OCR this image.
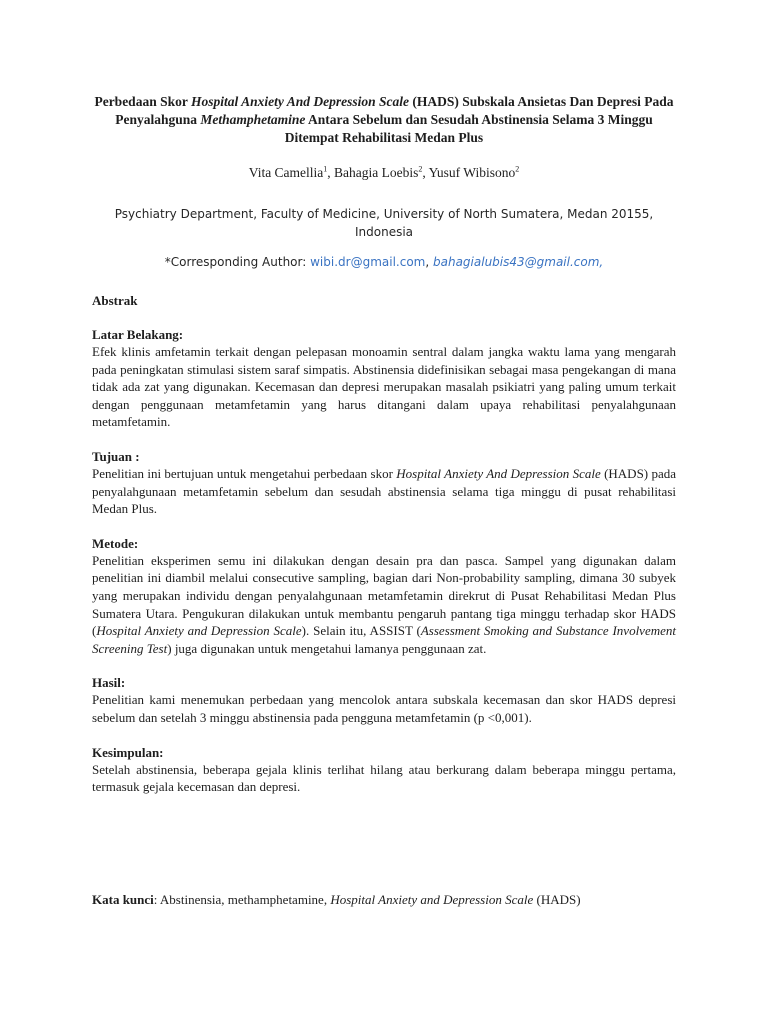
Perbedaan Skor Hospital Anxiety And Depression Scale (HADS) Subskala Ansietas Dan Depresi Pada Penyalahguna Methamphetamine Antara Sebelum dan Sesudah Abstinensia Selama 3 Minggu Ditempat Rehabilitasi Medan Plus
Vita Camellia$^1$, Bahagia Loebis$^2$, Yusuf Wibisono$^2$
Psychiatry Department, Faculty of Medicine, University of North Sumatera, Medan 20155, Indonesia
*Corresponding Author: wibi.dr@gmail.com, bahagialubis43@gmail.com,
Abstrak
Latar Belakang:
Efek klinis amfetamin terkait dengan pelepasan monoamin sentral dalam jangka waktu lama yang mengarah pada peningkatan stimulasi sistem saraf simpatis. Abstinensia didefinisikan sebagai masa pengekangan di mana tidak ada zat yang digunakan. Kecemasan dan depresi merupakan masalah psikiatri yang paling umum terkait dengan penggunaan metamfetamin yang harus ditangani dalam upaya rehabilitasi penyalahgunaan metamfetamin.
Tujuan :
Penelitian ini bertujuan untuk mengetahui perbedaan skor Hospital Anxiety And Depression Scale (HADS) pada penyalahgunaan metamfetamin sebelum dan sesudah abstinensia selama tiga minggu di pusat rehabilitasi Medan Plus.
Metode:
Penelitian eksperimen semu ini dilakukan dengan desain pra dan pasca. Sampel yang digunakan dalam penelitian ini diambil melalui consecutive sampling, bagian dari Non-probability sampling, dimana 30 subyek yang merupakan individu dengan penyalahgunaan metamfetamin direkrut di Pusat Rehabilitasi Medan Plus Sumatera Utara. Pengukuran dilakukan untuk membantu pengaruh pantang tiga minggu terhadap skor HADS (Hospital Anxiety and Depression Scale). Selain itu, ASSIST (Assessment Smoking and Substance Involvement Screening Test) juga digunakan untuk mengetahui lamanya penggunaan zat.
Hasil:
Penelitian kami menemukan perbedaan yang mencolok antara subskala kecemasan dan skor HADS depresi sebelum dan setelah 3 minggu abstinensia pada pengguna metamfetamin (p <0,001).
Kesimpulan:
Setelah abstinensia, beberapa gejala klinis terlihat hilang atau berkurang dalam beberapa minggu pertama, termasuk gejala kecemasan dan depresi.
Kata kunci: Abstinensia, methamphetamine, Hospital Anxiety and Depression Scale (HADS)
